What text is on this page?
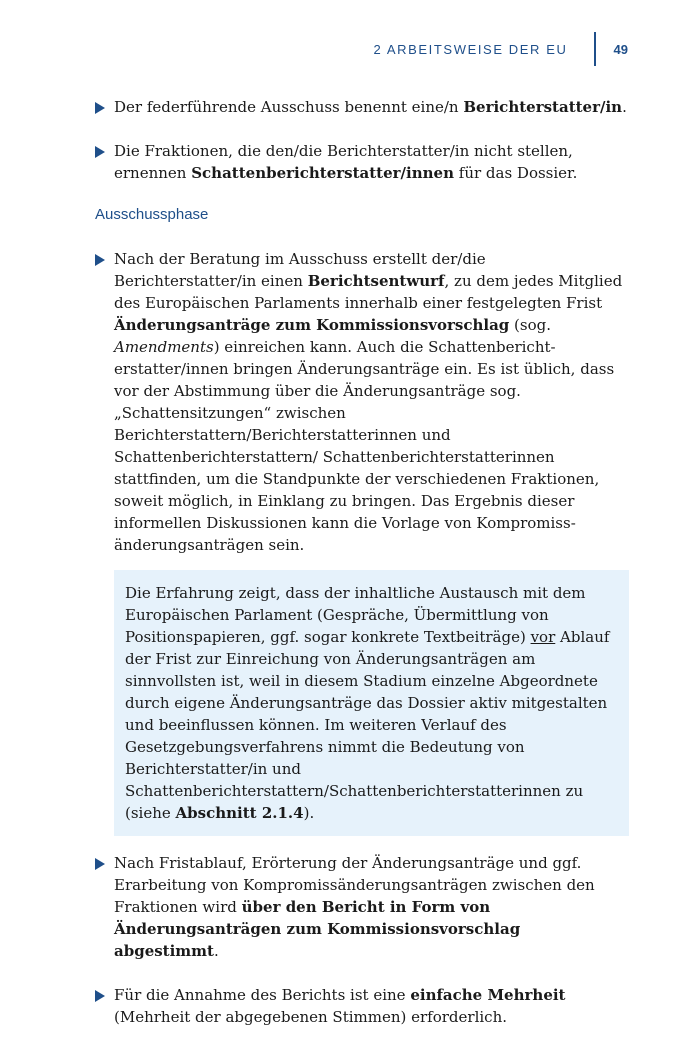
2 ARBEITSWEISE DER EU	49
Der federführende Ausschuss benennt eine/n Berichterstatter/in.
Die Fraktionen, die den/die Berichterstatter/in nicht stellen, ernennen Schattenberichterstatter/innen für das Dossier.
Ausschussphase
Nach der Beratung im Ausschuss erstellt der/die Berichterstatter/in einen Berichtsentwurf, zu dem jedes Mitglied des Europäischen Parlaments innerhalb einer festgelegten Frist Änderungsanträge zum Kommissionsvorschlag (sog. Amendments) einreichen kann. Auch die Schattenberichterstatter/innen bringen Änderungsanträge ein. Es ist üblich, dass vor der Abstimmung über die Änderungsanträge sog. „Schattensitzungen“ zwischen Berichterstattern/Berichterstatterinnen und Schattenberichterstattern/ Schattenberichterstatterinnen stattfinden, um die Standpunkte der verschiedenen Fraktionen, soweit möglich, in Einklang zu bringen. Das Ergebnis dieser informellen Diskussionen kann die Vorlage von Kompromissänderungsanträgen sein.
Die Erfahrung zeigt, dass der inhaltliche Austausch mit dem Europäischen Parlament (Gespräche, Übermittlung von Positionspapieren, ggf. sogar konkrete Textbeiträge) vor Ablauf der Frist zur Einreichung von Änderungsanträgen am sinnvollsten ist, weil in diesem Stadium einzelne Abgeordnete durch eigene Änderungsanträge das Dossier aktiv mitgestalten und beeinflussen können. Im weiteren Verlauf des Gesetzgebungsverfahrens nimmt die Bedeutung von Berichterstatter/in und Schattenberichterstattern/Schattenberichterstatterinnen zu (siehe Abschnitt 2.1.4).
Nach Fristablauf, Erörterung der Änderungsanträge und ggf. Erarbeitung von Kompromissänderungsanträgen zwischen den Fraktionen wird über den Bericht in Form von Änderungsanträgen zum Kommissionsvorschlag abgestimmt.
Für die Annahme des Berichts ist eine einfache Mehrheit (Mehrheit der abgegebenen Stimmen) erforderlich.
